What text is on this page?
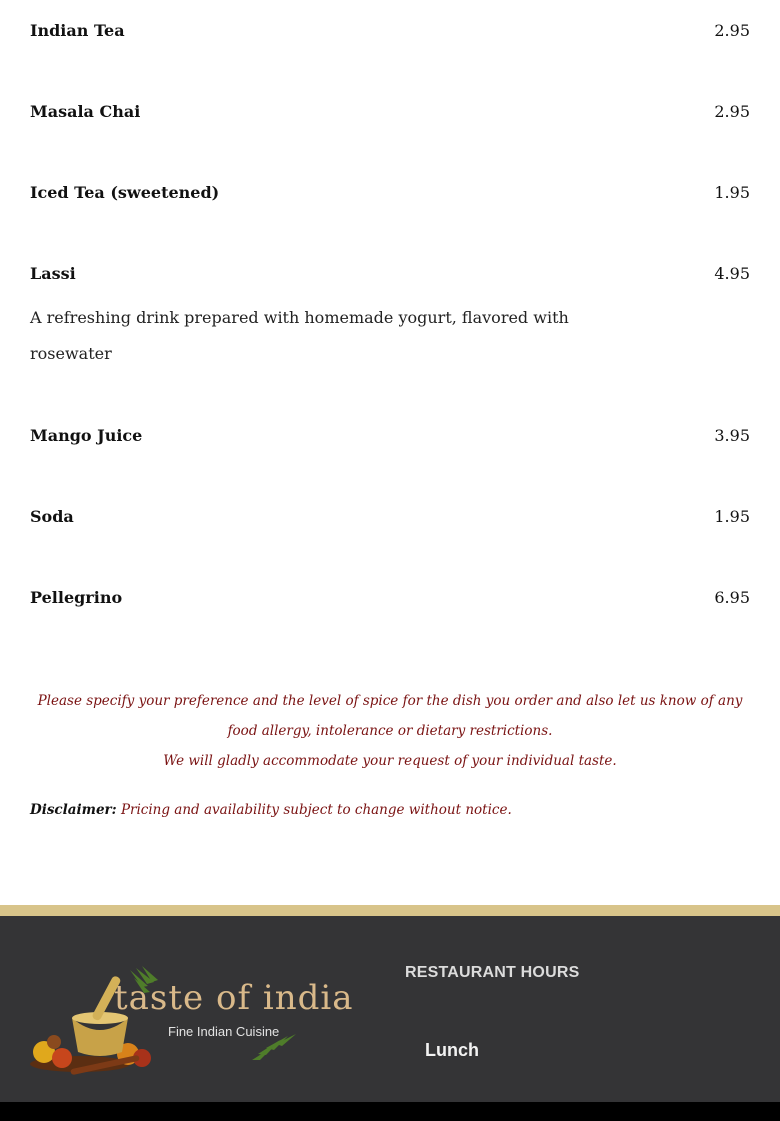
Indian Tea	2.95
Masala Chai	2.95
Iced Tea (sweetened)	1.95
Lassi	4.95
A refreshing drink prepared with homemade yogurt, flavored with rosewater
Mango Juice	3.95
Soda	1.95
Pellegrino	6.95

Please specify your preference and the level of spice for the dish you order and also let us know of any food allergy, intolerance or dietary restrictions.

We will gladly accommodate your request of your individual taste.

Disclaimer: Pricing and availability subject to change without notice.
taste of india
Fine Indian Cuisine
RESTAURANT HOURS
Lunch
